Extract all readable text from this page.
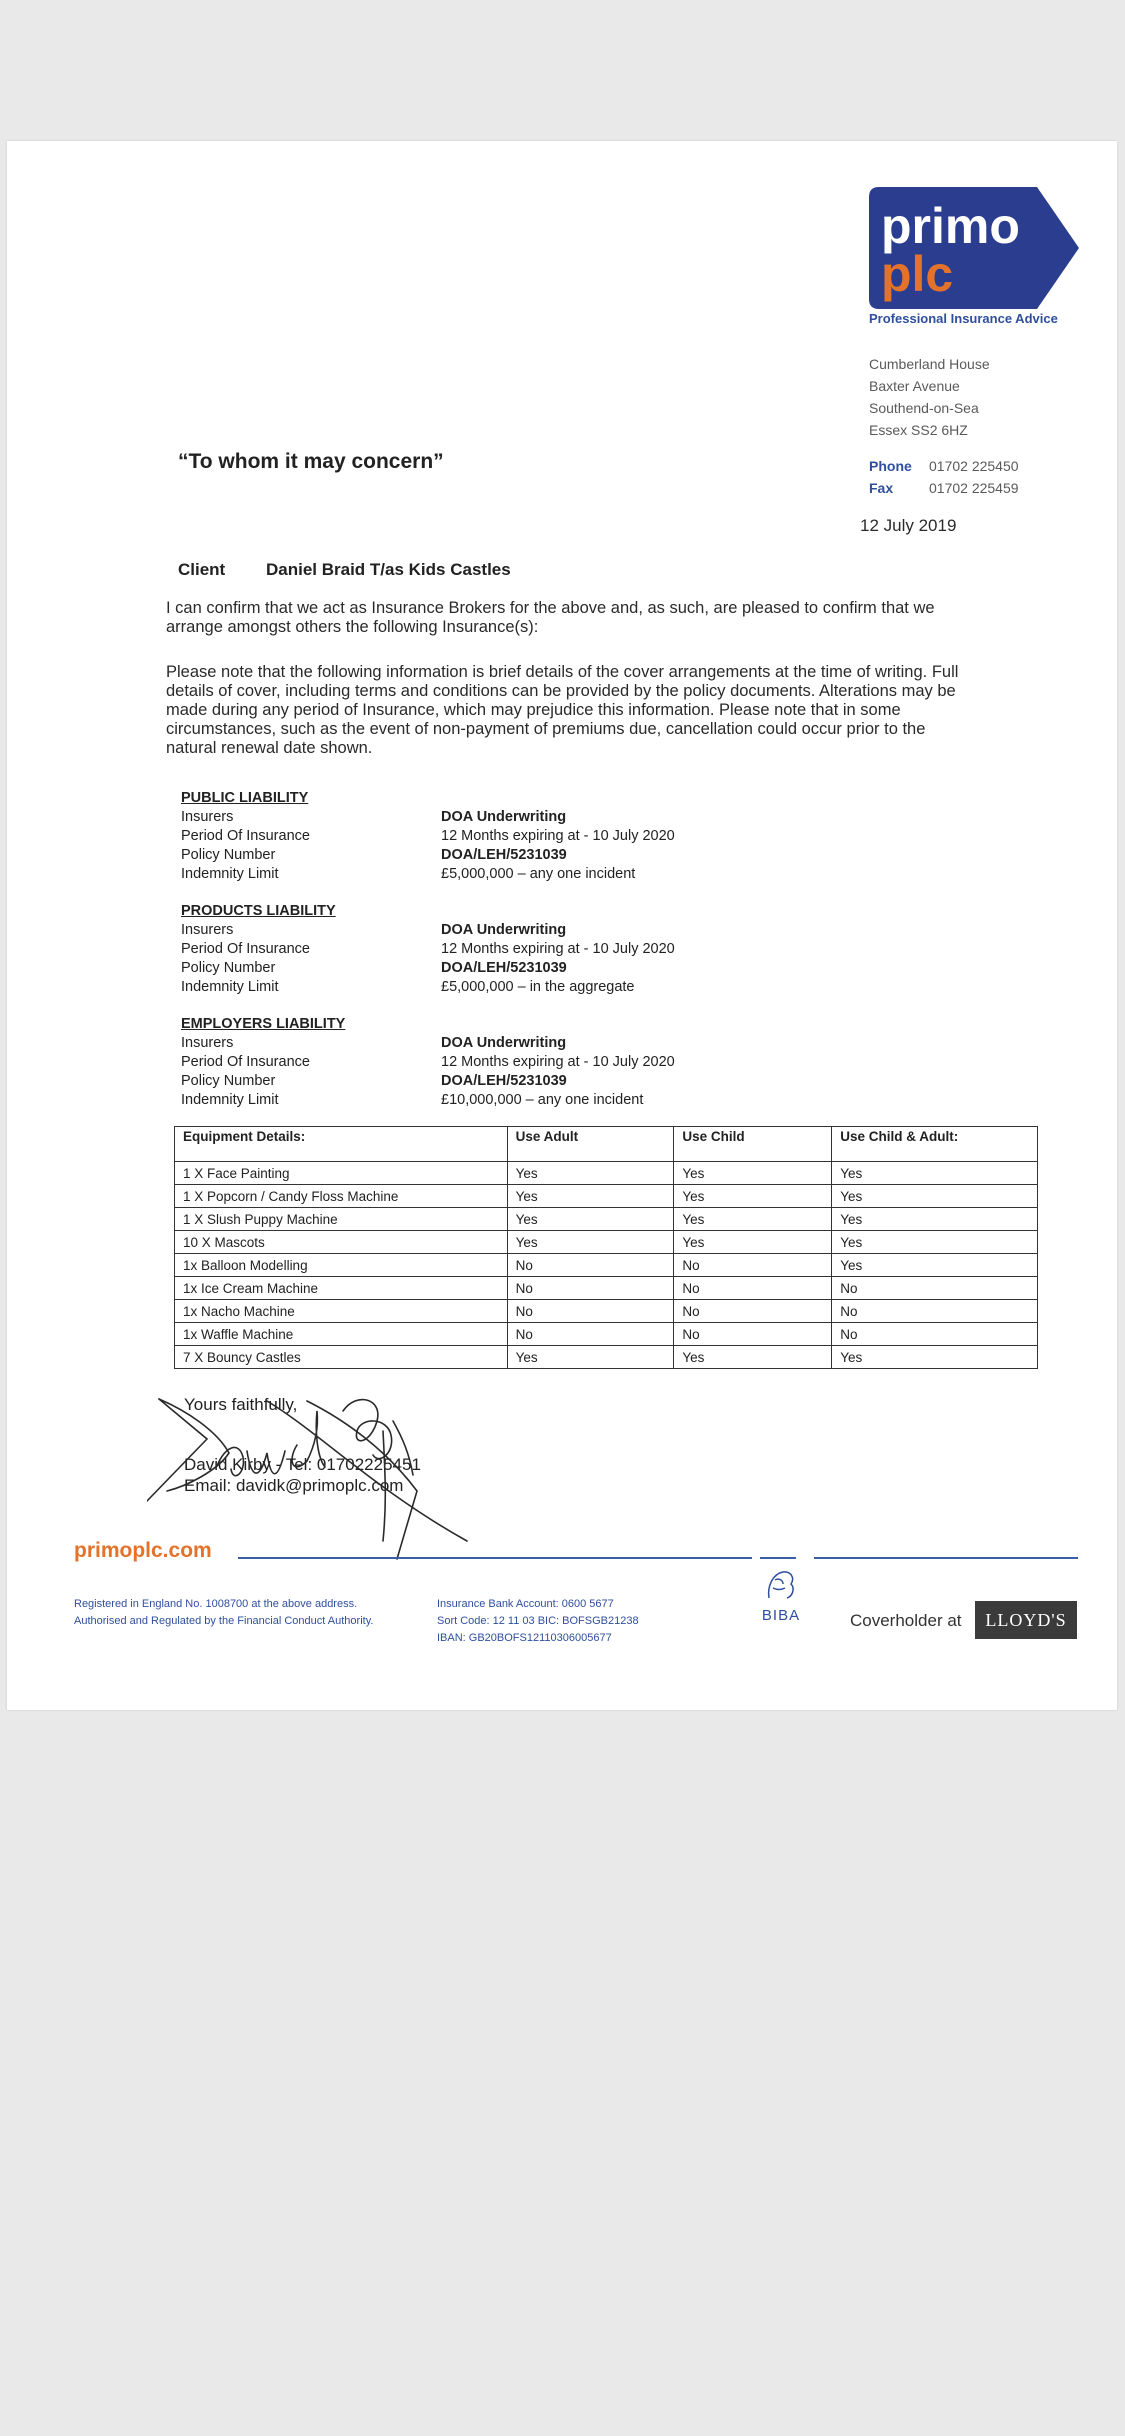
primo
plc
Professional Insurance Advice
Cumberland House
Baxter Avenue
Southend-on-Sea
Essex SS2 6HZ
Phone 01702 225450
Fax	01702 225459
12 July 2019
“To whom it may concern”
Client Daniel Braid T/as Kids Castles
I can confirm that we act as Insurance Brokers for the above and, as such, are pleased to confirm that we arrange amongst others the following Insurance(s):
Please note that the following information is brief details of the cover arrangements at the time of writing. Full details of cover, including terms and conditions can be provided by the policy documents. Alterations may be made during any period of Insurance, which may prejudice this information. Please note that in some circumstances, such as the event of non-payment of premiums due, cancellation could occur prior to the natural renewal date shown.
PUBLIC LIABILITY
Insurers	DOA Underwriting
Period Of Insurance	12 Months expiring at - 10 July 2020
Policy Number	DOA/LEH/5231039
Indemnity Limit	£5,000,000 – any one incident
PRODUCTS LIABILITY
Insurers	DOA Underwriting
Period Of Insurance	12 Months expiring at - 10 July 2020
Policy Number	DOA/LEH/5231039
Indemnity Limit	£5,000,000 – in the aggregate
EMPLOYERS LIABILITY
Insurers	DOA Underwriting
Period Of Insurance	12 Months expiring at - 10 July 2020
Policy Number	DOA/LEH/5231039
Indemnity Limit	£10,000,000 – any one incident
Equipment Details:	Use Adult	Use Child	Use Child & Adult:
1 X Face Painting	Yes	Yes	Yes
1 X Popcorn / Candy Floss Machine	Yes	Yes	Yes
1 X Slush Puppy Machine	Yes	Yes	Yes
10 X Mascots	Yes	Yes	Yes
1x Balloon Modelling	No	No	Yes
1x Ice Cream Machine	No	No	No
1x Nacho Machine	No	No	No
1x Waffle Machine	No	No	No
7 X Bouncy Castles	Yes	Yes	Yes
Yours faithfully,
David Kirby - Tel: 01702225451
Email: davidk@primoplc.com
primoplc.com
Registered in England No. 1008700 at the above address.
Authorised and Regulated by the Financial Conduct Authority.
Insurance Bank Account: 0600 5677
Sort Code: 12 11 03 BIC: BOFSGB21238
IBAN: GB20BOFS12110306005677
BIBA	Coverholder at	LLOYD'S
